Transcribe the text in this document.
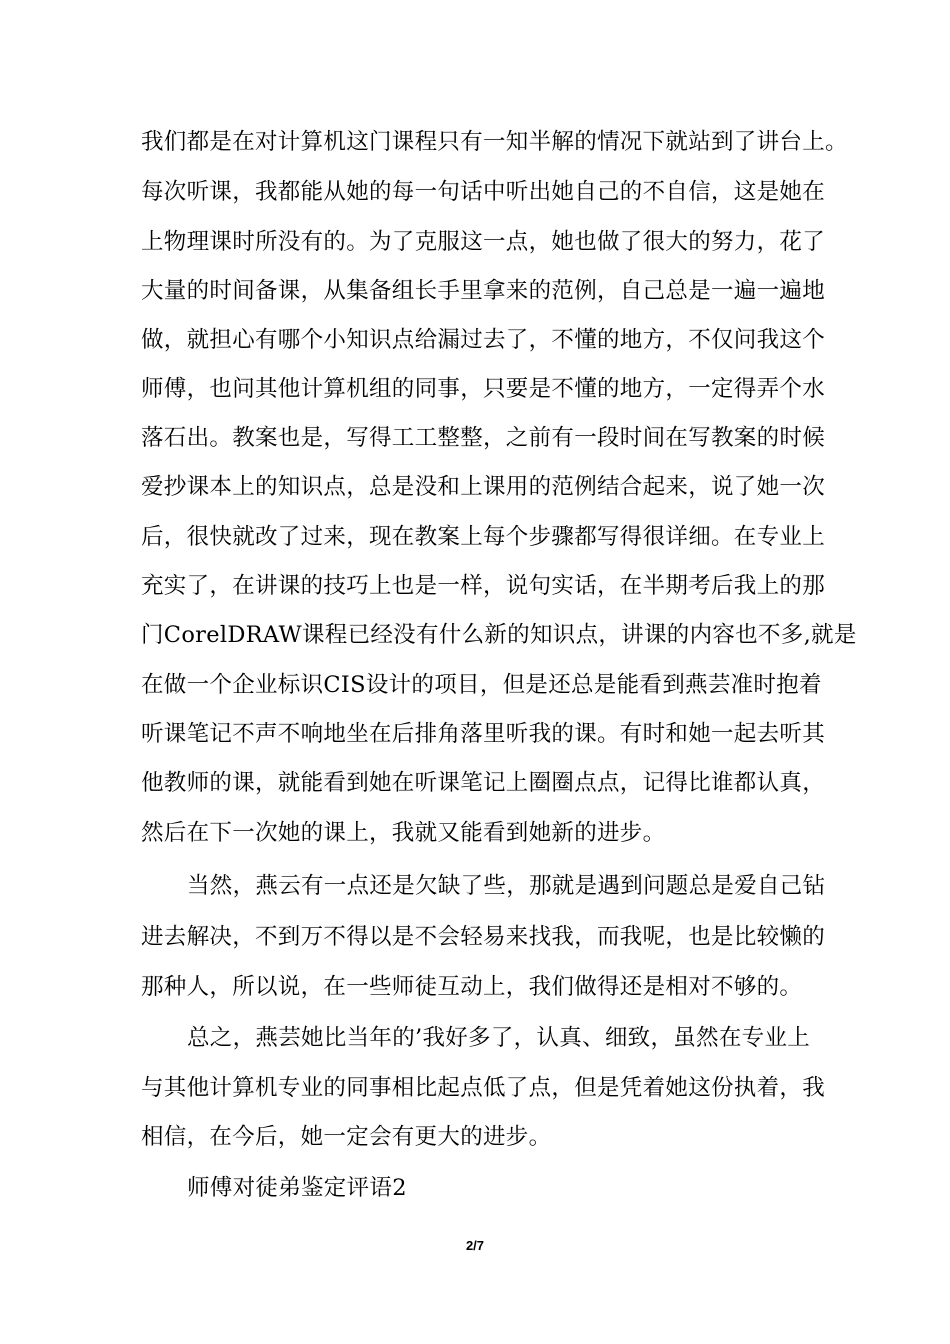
我们都是在对计算机这门课程只有一知半解的情况下就站到了讲台上。
每次听课，我都能从她的每一句话中听出她自己的不自信，这是她在
上物理课时所没有的。为了克服这一点，她也做了很大的努力，花了
大量的时间备课，从集备组长手里拿来的范例，自己总是一遍一遍地
做，就担心有哪个小知识点给漏过去了，不懂的地方，不仅问我这个
师傅，也问其他计算机组的同事，只要是不懂的地方，一定得弄个水
落石出。教案也是，写得工工整整，之前有一段时间在写教案的时候
爱抄课本上的知识点，总是没和上课用的范例结合起来，说了她一次
后，很快就改了过来，现在教案上每个步骤都写得很详细。在专业上
充实了，在讲课的技巧上也是一样，说句实话，在半期考后我上的那
门CorelDRAW课程已经没有什么新的知识点，讲课的内容也不多,就是
在做一个企业标识CIS设计的项目，但是还总是能看到燕芸准时抱着
听课笔记不声不响地坐在后排角落里听我的课。有时和她一起去听其
他教师的课，就能看到她在听课笔记上圈圈点点，记得比谁都认真，
然后在下一次她的课上，我就又能看到她新的进步。
当然，燕云有一点还是欠缺了些，那就是遇到问题总是爱自己钻
进去解决，不到万不得以是不会轻易来找我，而我呢，也是比较懒的
那种人，所以说，在一些师徒互动上，我们做得还是相对不够的。
总之，燕芸她比当年的’我好多了，认真、细致，虽然在专业上
与其他计算机专业的同事相比起点低了点，但是凭着她这份执着，我
相信，在今后，她一定会有更大的进步。
师傅对徒弟鉴定评语2
2/7
